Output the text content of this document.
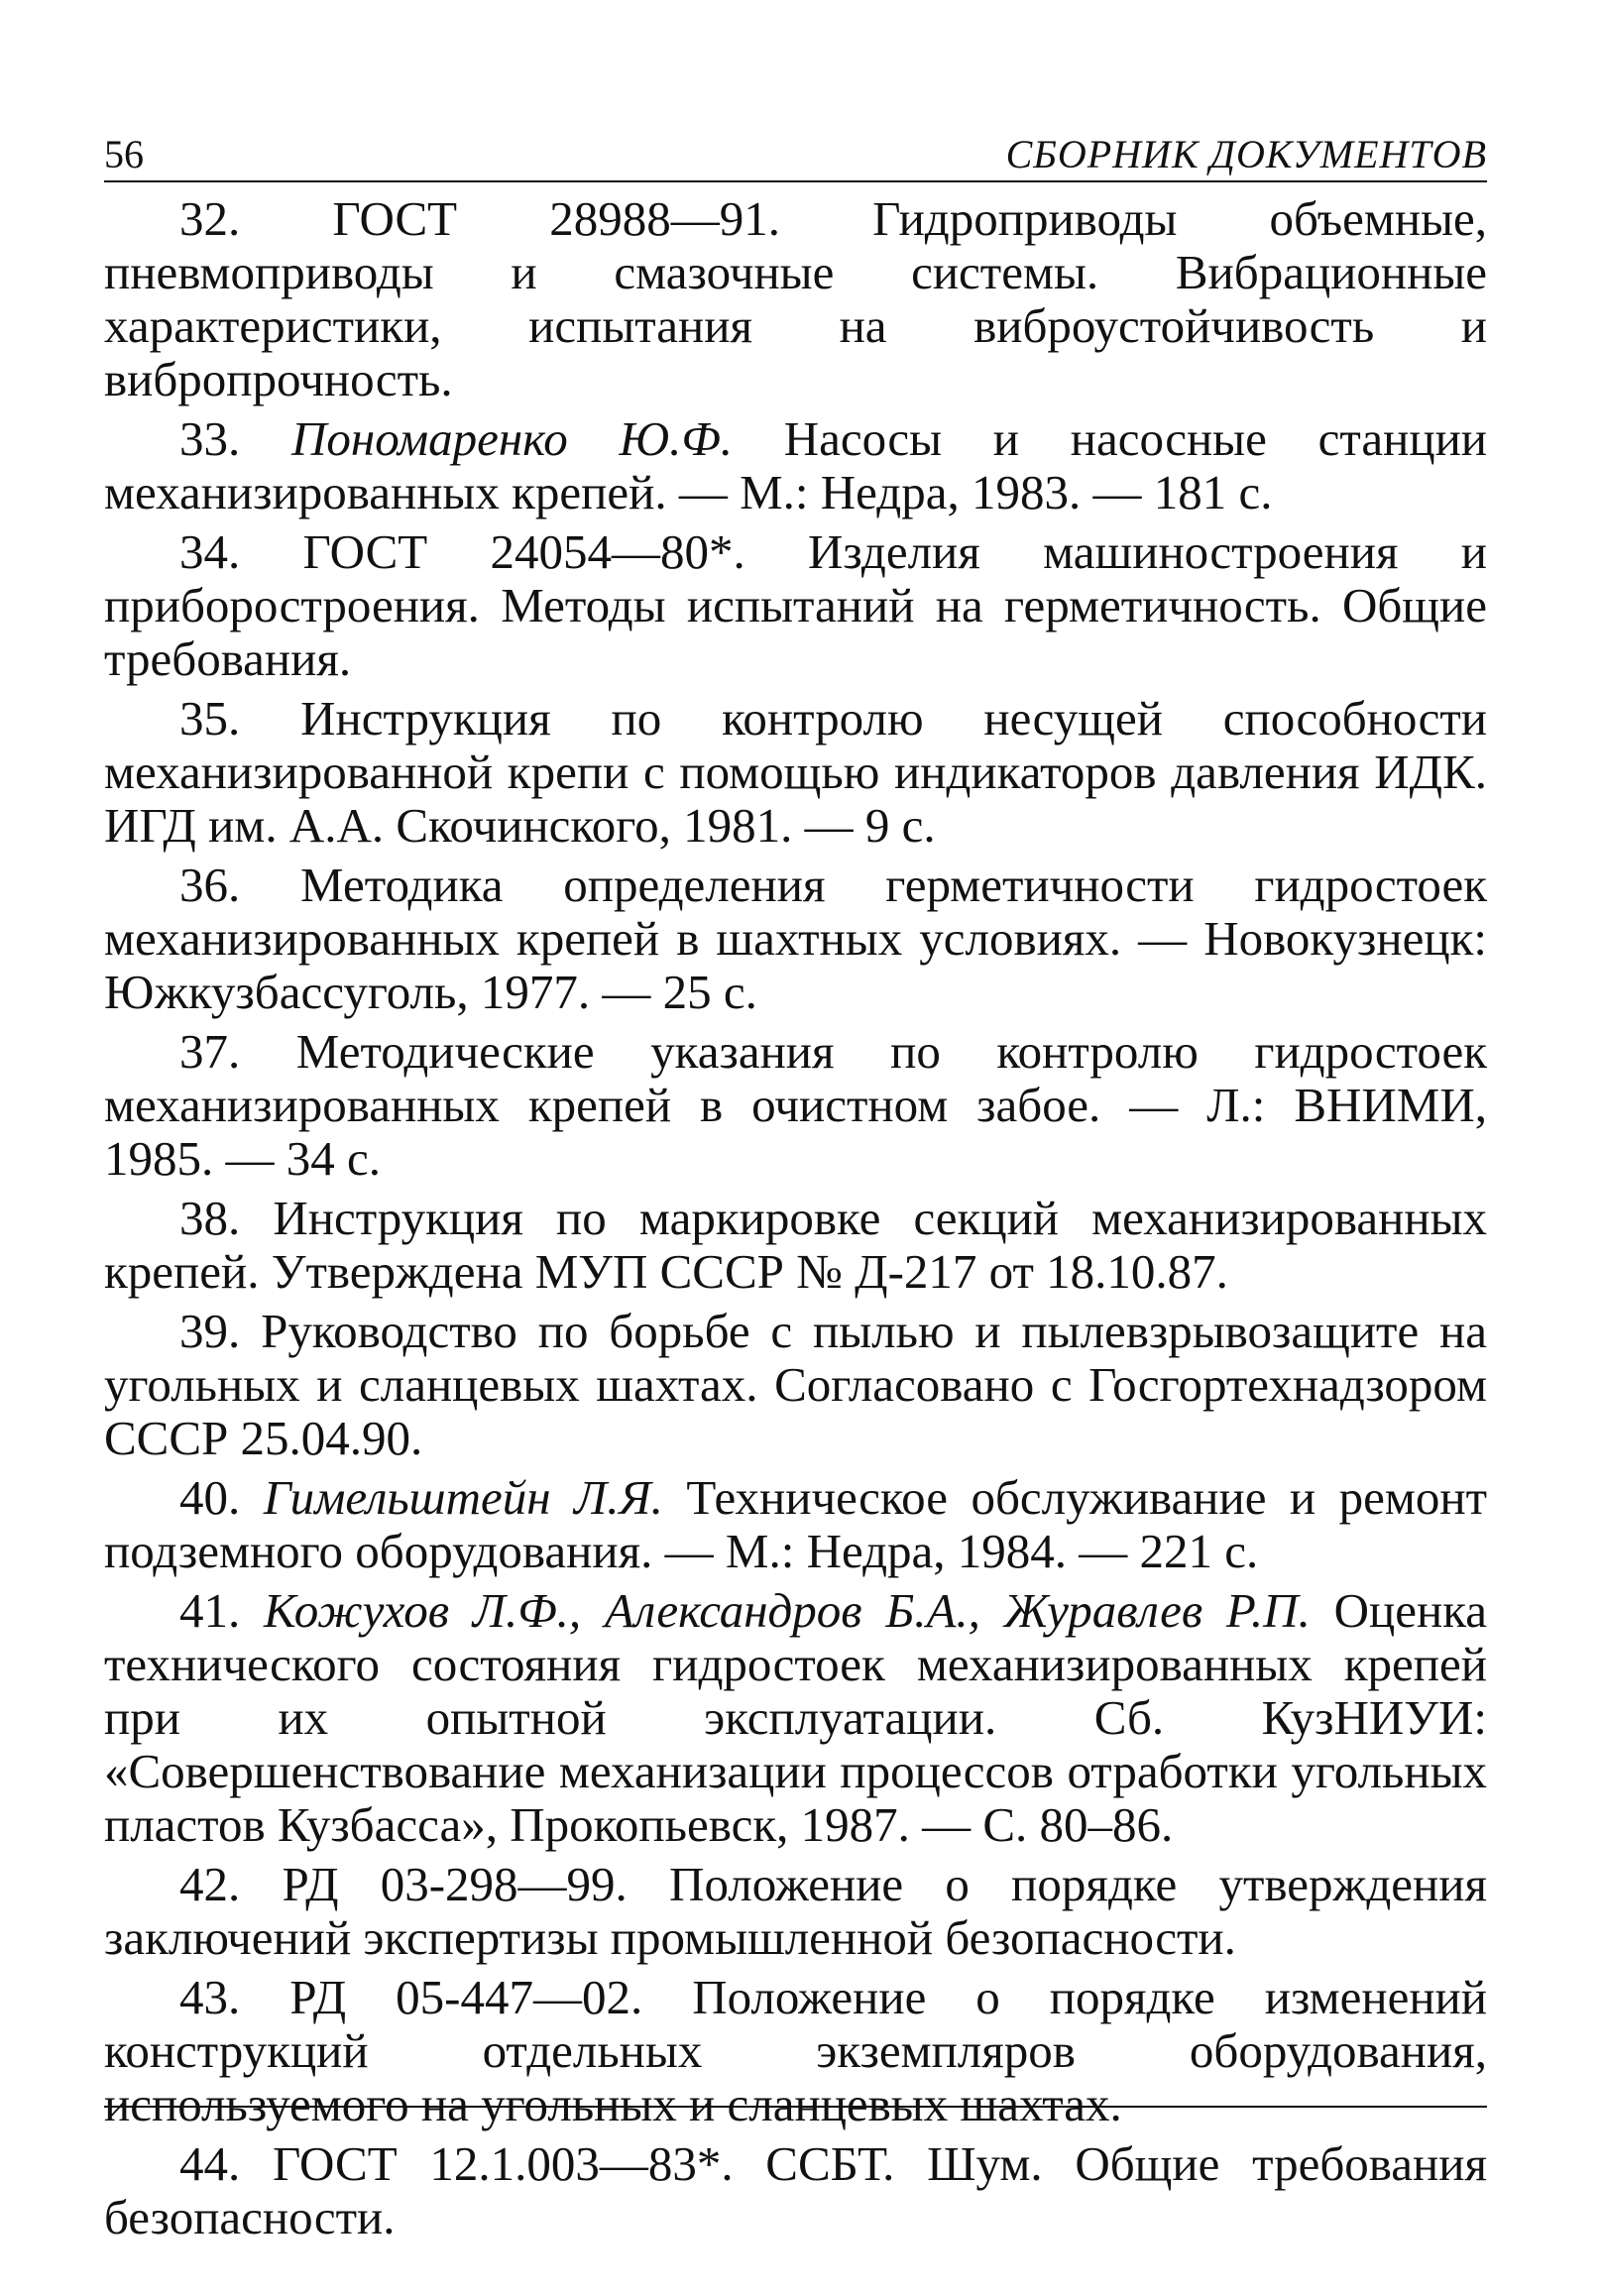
56	СБОРНИК ДОКУМЕНТОВ

32. ГОСТ 28988—91. Гидроприводы объемные, пневмоприводы и смазочные системы. Вибрационные характеристики, испытания на виброустойчивость и вибропрочность.

33. Пономаренко Ю.Ф. Насосы и насосные станции механизированных крепей. — М.: Недра, 1983. — 181 с.

34. ГОСТ 24054—80*. Изделия машиностроения и приборостроения. Методы испытаний на герметичность. Общие требования.

35. Инструкция по контролю несущей способности механизированной крепи с помощью индикаторов давления ИДК. ИГД им. А.А. Скочинского, 1981. — 9 с.

36. Методика определения герметичности гидростоек механизированных крепей в шахтных условиях. — Новокузнецк: Южкузбассуголь, 1977. — 25 с.

37. Методические указания по контролю гидростоек механизированных крепей в очистном забое. — Л.: ВНИМИ, 1985. — 34 с.

38. Инструкция по маркировке секций механизированных крепей. Утверждена МУП СССР № Д-217 от 18.10.87.

39. Руководство по борьбе с пылью и пылевзрывозащите на угольных и сланцевых шахтах. Согласовано с Госгортехнадзором СССР 25.04.90.

40. Гимельштейн Л.Я. Техническое обслуживание и ремонт подземного оборудования. — М.: Недра, 1984. — 221 с.

41. Кожухов Л.Ф., Александров Б.А., Журавлев Р.П. Оценка технического состояния гидростоек механизированных крепей при их опытной эксплуатации. Сб. КузНИУИ: «Совершенствование механизации процессов отработки угольных пластов Кузбасса», Прокопьевск, 1987. — С. 80–86.

42. РД 03-298—99. Положение о порядке утверждения заключений экспертизы промышленной безопасности.

43. РД 05-447—02. Положение о порядке изменений конструкций отдельных экземпляров оборудования, используемого на угольных и сланцевых шахтах.

44. ГОСТ 12.1.003—83*. ССБТ. Шум. Общие требования безопасности.
